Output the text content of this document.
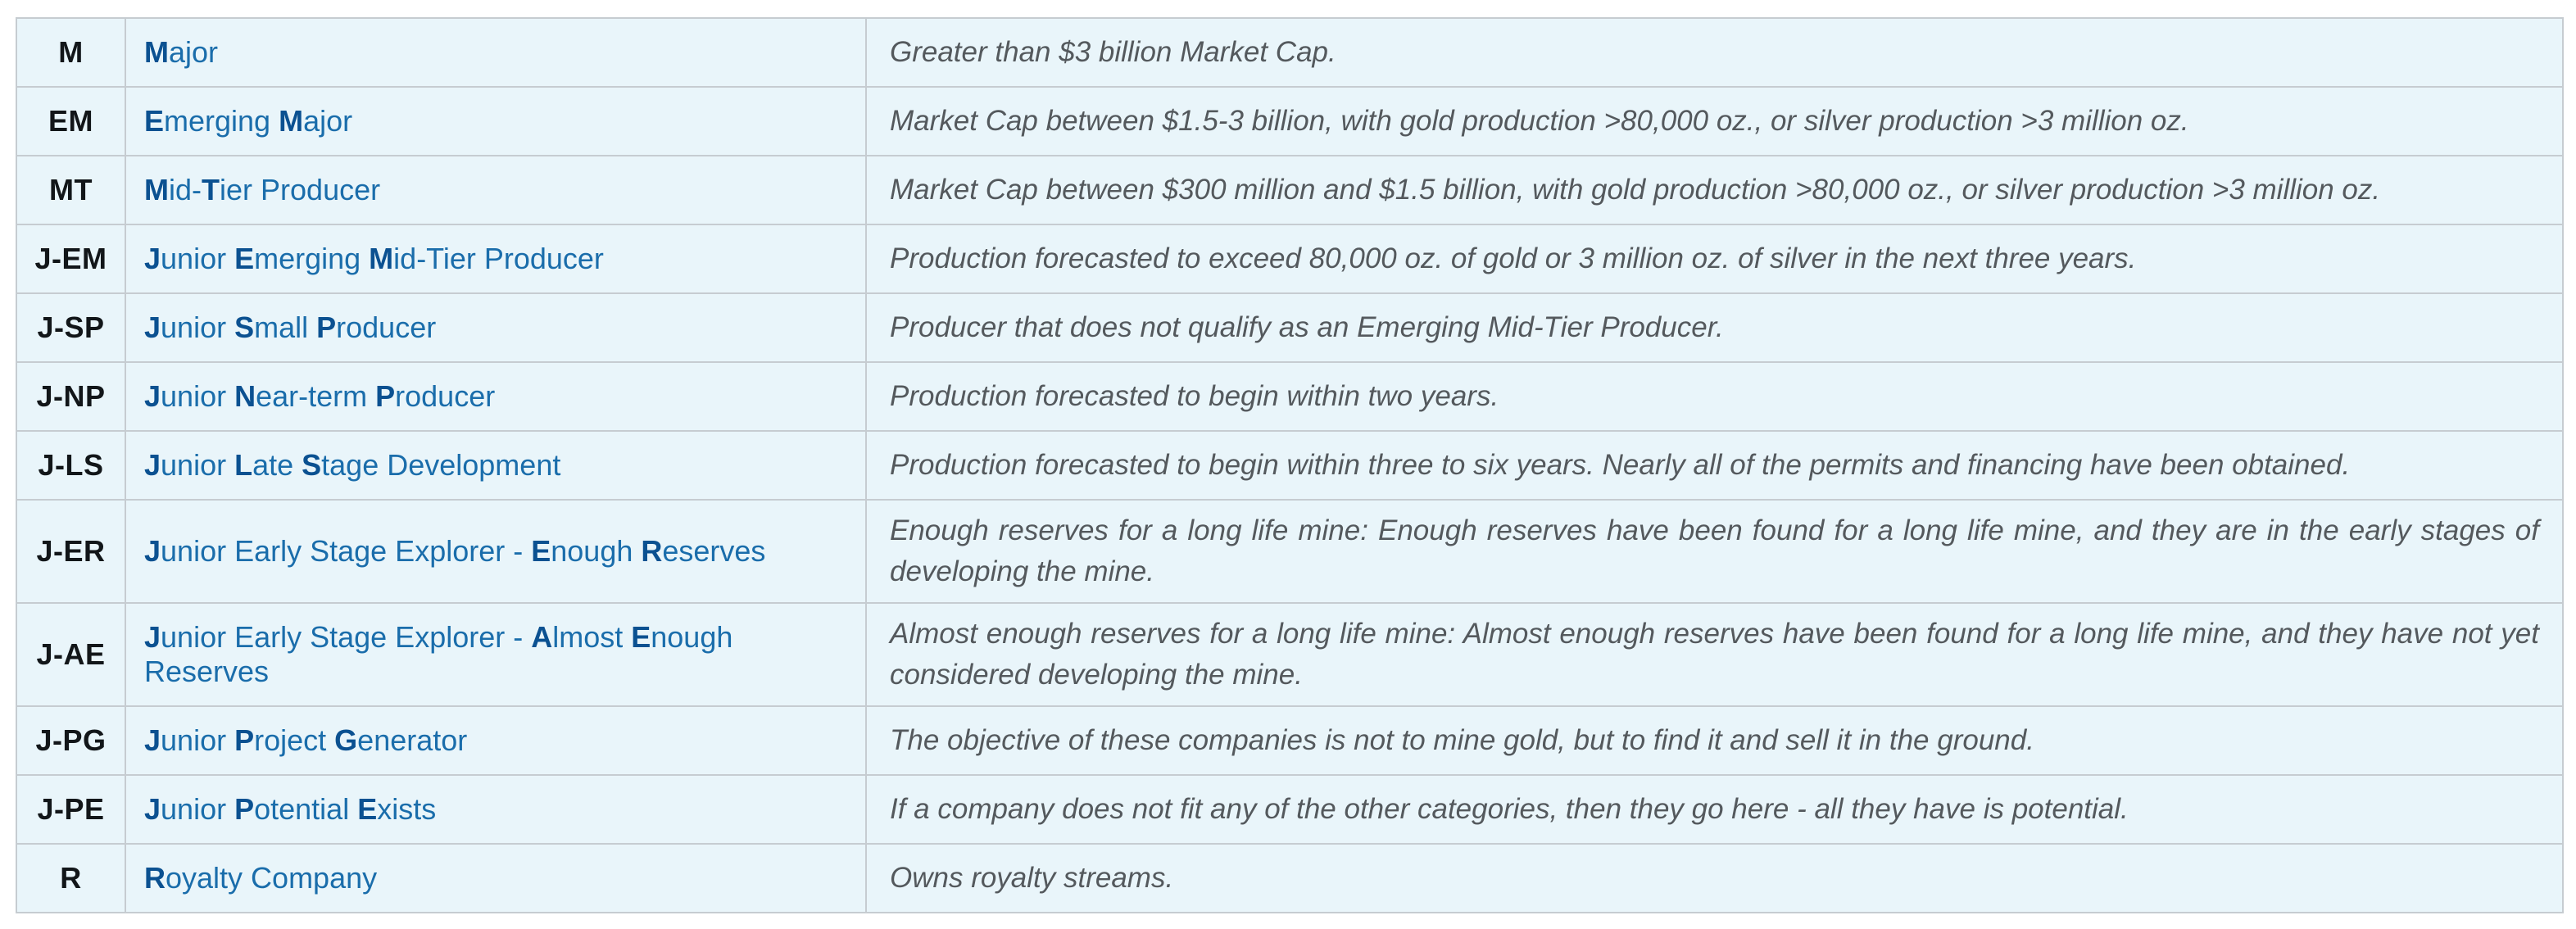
M	Major	Greater than $3 billion Market Cap.
EM	Emerging Major	Market Cap between $1.5-3 billion, with gold production >80,000 oz., or silver production >3 million oz.
MT	Mid-Tier Producer	Market Cap between $300 million and $1.5 billion, with gold production >80,000 oz., or silver production >3 million oz.
J-EM	Junior Emerging Mid-Tier Producer	Production forecasted to exceed 80,000 oz. of gold or 3 million oz. of silver in the next three years.
J-SP	Junior Small Producer	Producer that does not qualify as an Emerging Mid-Tier Producer.
J-NP	Junior Near-term Producer	Production forecasted to begin within two years.
J-LS	Junior Late Stage Development	Production forecasted to begin within three to six years. Nearly all of the permits and financing have been obtained.
J-ER	Junior Early Stage Explorer - Enough Reserves	Enough reserves for a long life mine: Enough reserves have been found for a long life mine, and they are in the early stages of developing the mine.
J-AE	Junior Early Stage Explorer - Almost Enough Reserves	Almost enough reserves for a long life mine: Almost enough reserves have been found for a long life mine, and they have not yet considered developing the mine.
J-PG	Junior Project Generator	The objective of these companies is not to mine gold, but to find it and sell it in the ground.
J-PE	Junior Potential Exists	If a company does not fit any of the other categories, then they go here - all they have is potential.
R	Royalty Company	Owns royalty streams.
